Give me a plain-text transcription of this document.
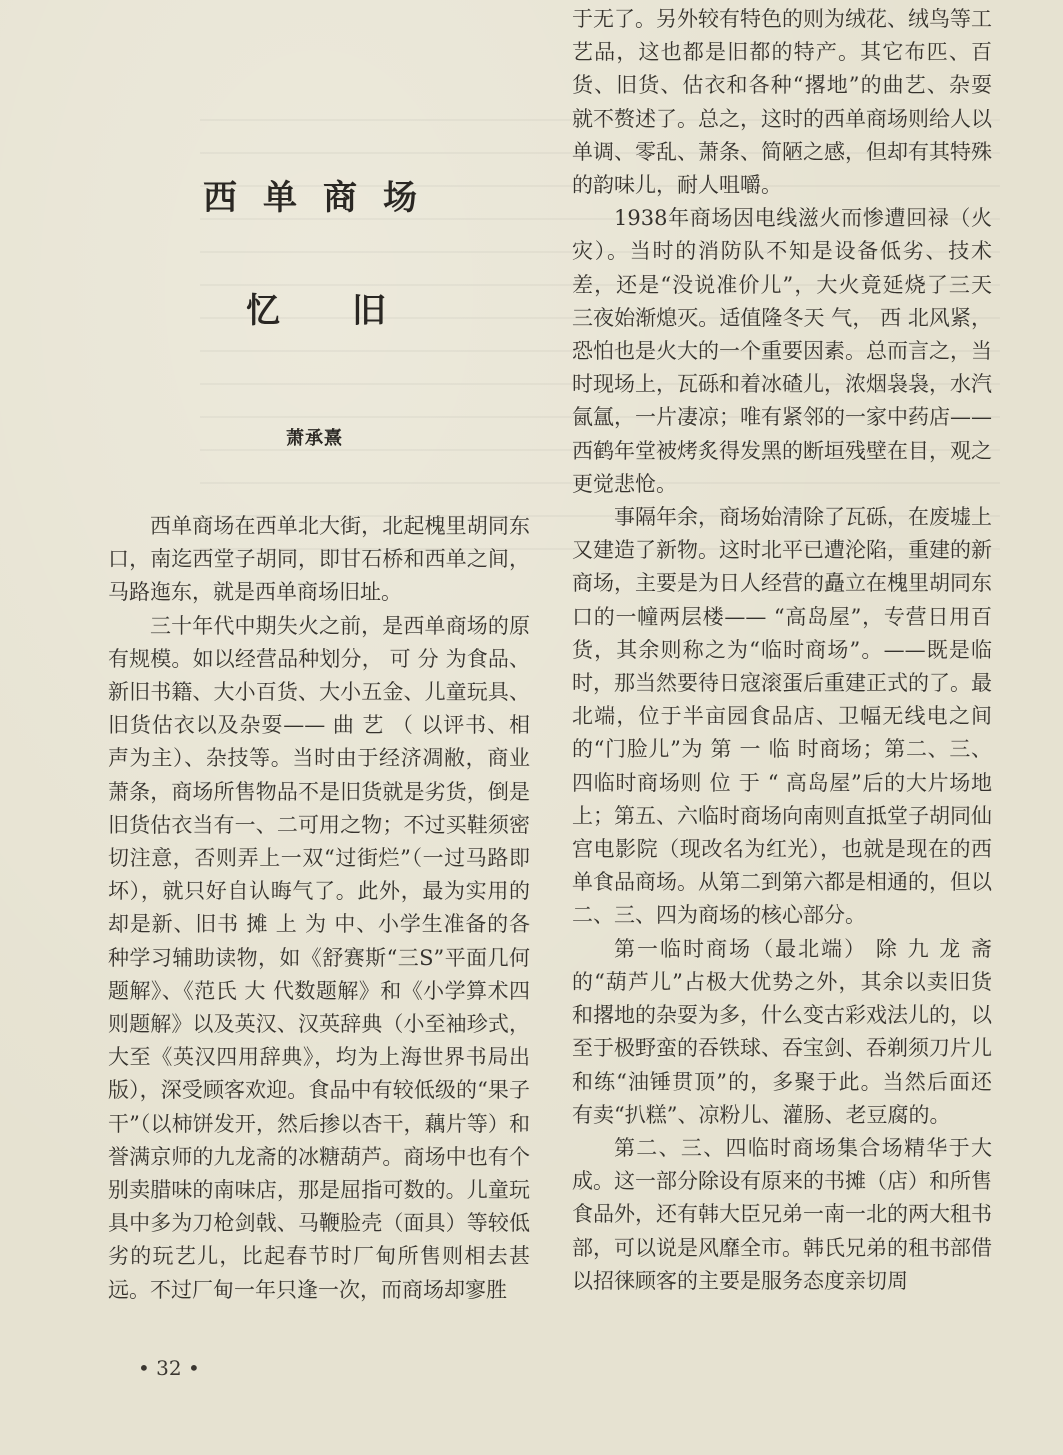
西单商场
忆旧
萧承熹

西单商场在西单北大街，北起槐里胡同东口，南迄西堂子胡同，即甘石桥和西单之间，马路迤东，就是西单商场旧址。

三十年代中期失火之前，是西单商场的原有规模。如以经营品种划分， 可 分 为食品、新旧书籍、大小百货、大小五金、儿童玩具、旧货估衣以及杂耍—— 曲 艺 （ 以评书、相声为主）、杂技等。当时由于经济凋敝，商业萧条，商场所售物品不是旧货就是劣货，倒是旧货估衣当有一、二可用之物；不过买鞋须密切注意，否则弄上一双“过街烂”（一过马路即坏），就只好自认晦气了。此外，最为实用的却是新、旧书 摊 上 为 中、小学生准备的各种学习辅助读物，如《舒赛斯“三S”平面几何题解》、《范氏 大 代数题解》和《小学算术四则题解》以及英汉、汉英辞典（小至袖珍式，大至《英汉四用辞典》，均为上海世界书局出版），深受顾客欢迎。食品中有较低级的“果子干”（以柿饼发开，然后掺以杏干，藕片等）和誉满京师的九龙斋的冰糖葫芦。商场中也有个别卖腊味的南味店，那是屈指可数的。儿童玩具中多为刀枪剑戟、马鞭脸壳（面具）等较低劣的玩艺儿，比起春节时厂甸所售则相去甚远。不过厂甸一年只逢一次，而商场却寥胜

于无了。另外较有特色的则为绒花、绒鸟等工艺品，这也都是旧都的特产。其它布匹、百货、旧货、估衣和各种“撂地”的曲艺、杂耍就不赘述了。总之，这时的西单商场则给人以单调、零乱、萧条、简陋之感，但却有其特殊的韵味儿，耐人咀嚼。

1938年商场因电线滋火而惨遭回禄（火灾）。当时的消防队不知是设备低劣、技术差，还是“没说准价儿”，大火竟延烧了三天三夜始渐熄灭。适值隆冬天 气， 西 北风紧，恐怕也是火大的一个重要因素。总而言之，当时现场上，瓦砾和着冰碴儿，浓烟袅袅，水汽氤氲，一片凄凉；唯有紧邻的一家中药店——西鹤年堂被烤炙得发黑的断垣残壁在目，观之更觉悲怆。

事隔年余，商场始清除了瓦砾，在废墟上又建造了新物。这时北平已遭沦陷，重建的新商场，主要是为日人经营的矗立在槐里胡同东口的一幢两层楼—— “高岛屋”，专营日用百货，其余则称之为“临时商场”。——既是临时，那当然要待日寇滚蛋后重建正式的了。最北端，位于半亩园食品店、卫幅无线电之间的“门脸儿”为 第 一 临 时商场；第二、三、四临时商场则 位 于 “ 高岛屋”后的大片场地上；第五、六临时商场向南则直抵堂子胡同仙宫电影院（现改名为红光），也就是现在的西单食品商场。从第二到第六都是相通的，但以二、三、四为商场的核心部分。

第一临时商场（最北端） 除 九 龙 斋的“葫芦儿”占极大优势之外，其余以卖旧货和撂地的杂耍为多，什么变古彩戏法儿的，以至于极野蛮的吞铁球、吞宝剑、吞剃须刀片儿和练“油锤贯顶”的，多聚于此。当然后面还有卖“扒糕”、凉粉儿、灌肠、老豆腐的。

第二、三、四临时商场集合场精华于大成。这一部分除设有原来的书摊（店）和所售食品外，还有韩大臣兄弟一南一北的两大租书部，可以说是风靡全市。韩氏兄弟的租书部借以招徕顾客的主要是服务态度亲切周

• 32 •
